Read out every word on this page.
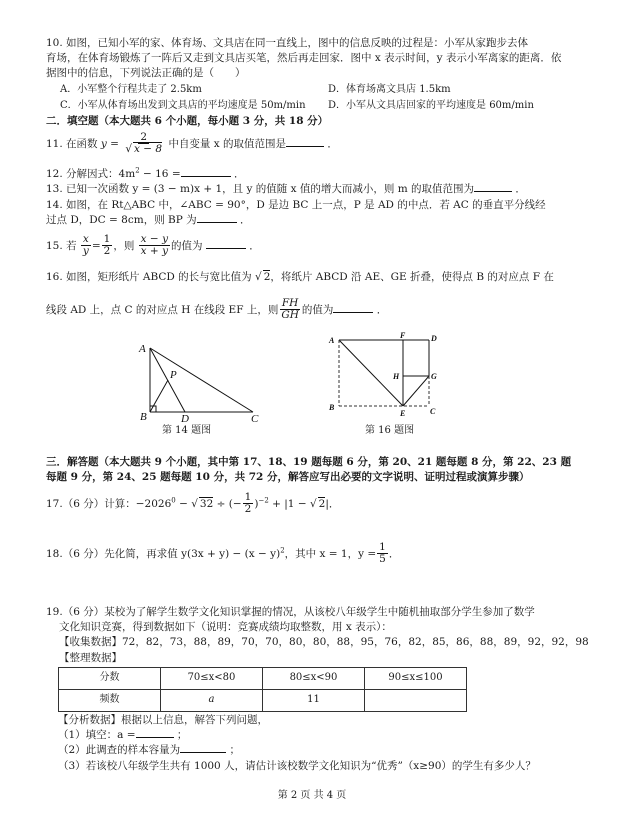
10. 如图，已知小军的家、体育场、文具店在同一直线上，图中的信息反映的过程是：小军从家跑步去体
育场，在体育场锻炼了一阵后又走到文具店买笔，然后再走回家．图中 x 表示时间，y 表示小军离家的距离．依
据图中的信息，下列说法正确的是（　　）
A．小军整个行程共走了 2.5km	D．体育场离文具店 1.5km
C．小军从体育场出发到文具店的平均速度是 50m/min D．小军从文具店回家的平均速度是 60m/min
二．填空题（本大题共 6 个小题，每小题 3 分，共 18 分）
11. 在函数 $y = \frac{2}{√ x - 8}$ 中自变量 x 的取值范围是	．
12. 分解因式：$4m^2 - 16$ =	．
13. 已知一次函数 y = (3 − m)x + 1，且 y 的值随 x 值的增大而减小，则 m 的取值范围为	．
14. 如图，在 Rt△ABC 中，∠ABC = 90°，D 是边 BC 上一点，P 是 AD 的中点．若 AC 的垂直平分线经
过点 D，DC = 8cm，则 BP 为	．
15. 若 $\frac{x}{y} = \frac{1}{2}$ ，则 $\frac{x - y}{x + y}$ 的值为	．
16. 如图，矩形纸片 ABCD 的长与宽比值为 √ 2，将纸片 ABCD 沿 AE、GE 折叠，使得点 B 的对应点 F 在
线段 AD 上，点 C 的对应点 H 在线段 EF 上，则 $\frac{FH}{GH}$ 的值为	．
A
B	C
D
P
第 14 题图
A
B	C
D
E
F
G
H
第 16 题图
三．解答题（本大题共 9 个小题，其中第 17、18、19 题每题 6 分，第 20、21 题每题 8 分，第 22、23 题
每题 9 分，第 24、25 题每题 10 分，共 72 分，解答应写出必要的文字说明、证明过程或演算步骤）
17.（6 分）计算：$-2026^0$ − √ 32 ÷ (− $\frac{1}{2} )^{-2} + |1$ − √ 2|．
18.（6 分）先化简，再求值 $y(3x + y) - (x - y)^2$，其中 x = 1，$y = \frac{1}{5}$ ．
19.（6 分）某校为了解学生数学文化知识掌握的情况，从该校八年级学生中随机抽取部分学生参加了数学
文化知识竞赛，得到数据如下（说明：竞赛成绩均取整数，用 x 表示）：
【收集数据】72，82，73，88，89，70，70，80，80，88，95，76，82，85，86，88，89，92，92，98
【整理数据】
分数	70≤x<80	80≤x<90	90≤x≤100
频数	a	11	
【分析数据】根据以上信息，解答下列问题，
（1）填空：a =	；
（2）此调查的样本容量为	；
（3）若该校八年级学生共有 1000 人，请估计该校数学文化知识为“优秀”（x≥90）的学生有多少人？
第 2 页 共 4 页
